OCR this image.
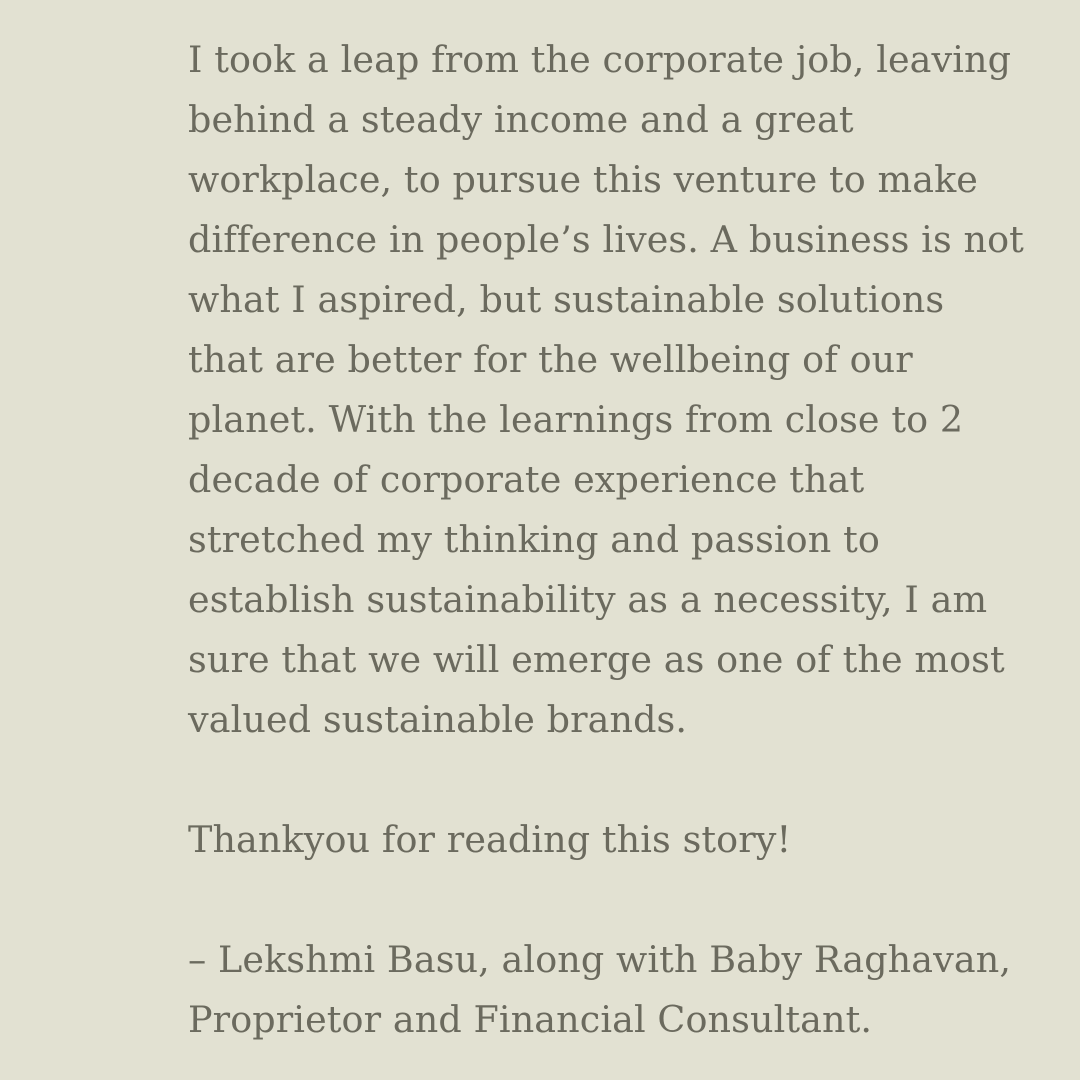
I took a leap from the corporate job, leaving behind a steady income and a great workplace, to pursue this venture to make difference in people’s lives. A business is not what I aspired, but sustainable solutions that are better for the wellbeing of our planet. With the learnings from close to 2 decade of corporate experience that stretched my thinking and passion to establish sustainability as a necessity, I am sure that we will emerge as one of the most valued sustainable brands.

Thankyou for reading this story!

– Lekshmi Basu, along with Baby Raghavan, Proprietor and Financial Consultant.
